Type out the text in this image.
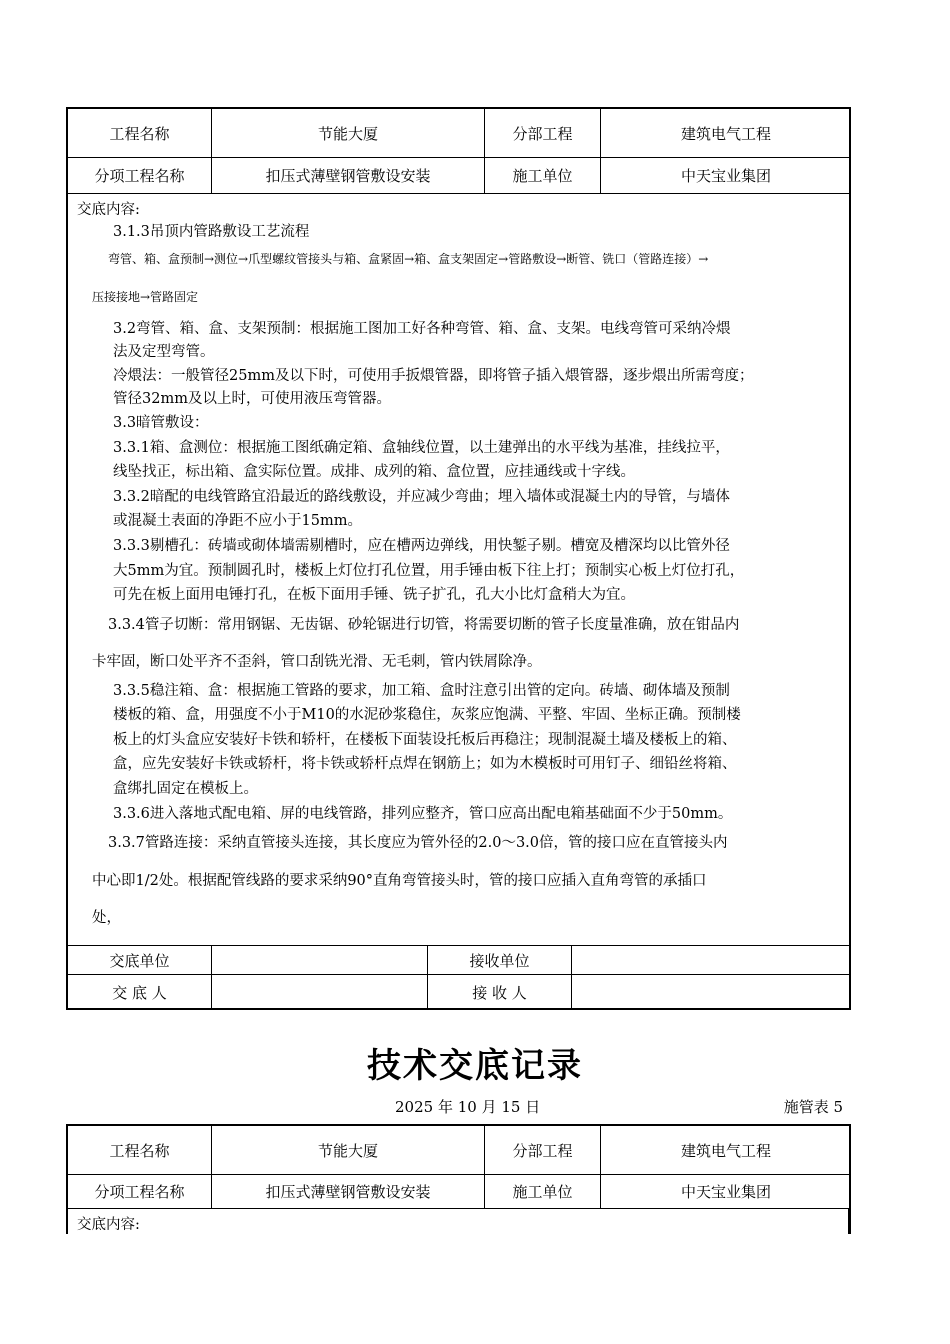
工程名称	节能大厦	分部工程	建筑电气工程
分项工程名称	扣压式薄壁钢管敷设安装	施工单位	中天宝业集团

交底内容:

3.1.3吊顶内管路敷设工艺流程

弯管、箱、盒预制→测位→爪型螺纹管接头与箱、盒紧固→箱、盒支架固定→管路敷设→断管、铣口（管路连接）→

压接接地→管路固定

3.2弯管、箱、盒、支架预制：根据施工图加工好各种弯管、箱、盒、支架。电线弯管可采纳冷煨

法及定型弯管。

冷煨法：一般管径25mm及以下时，可使用手扳煨管器，即将管子插入煨管器，逐步煨出所需弯度；

管径32mm及以上时，可使用液压弯管器。

3.3暗管敷设：

3.3.1箱、盒测位：根据施工图纸确定箱、盒轴线位置，以土建弹出的水平线为基准，挂线拉平，

线坠找正，标出箱、盒实际位置。成排、成列的箱、盒位置，应挂通线或十字线。

3.3.2暗配的电线管路宜沿最近的路线敷设，并应减少弯曲；埋入墙体或混凝土内的导管，与墙体

或混凝土表面的净距不应小于15mm。

3.3.3剔槽孔：砖墙或砌体墙需剔槽时，应在槽两边弹线，用快錾子剔。槽宽及槽深均以比管外径

大5mm为宜。预制圆孔时，楼板上灯位打孔位置，用手锤由板下往上打；预制实心板上灯位打孔，

可先在板上面用电锤打孔，在板下面用手锤、铣子扩孔，孔大小比灯盒稍大为宜。

3.3.4管子切断：常用钢锯、无齿锯、砂轮锯进行切管，将需要切断的管子长度量准确，放在钳品内

卡牢固，断口处平齐不歪斜，管口刮铣光滑、无毛刺，管内铁屑除净。

3.3.5稳注箱、盒：根据施工管路的要求，加工箱、盒时注意引出管的定向。砖墙、砌体墙及预制

楼板的箱、盒，用强度不小于M10的水泥砂浆稳住，灰浆应饱满、平整、牢固、坐标正确。预制楼

板上的灯头盒应安装好卡铁和轿杆，在楼板下面装设托板后再稳注；现制混凝土墙及楼板上的箱、

盒，应先安装好卡铁或轿杆，将卡铁或轿杆点焊在钢筋上；如为木模板时可用钉子、细铅丝将箱、

盒绑扎固定在模板上。

3.3.6进入落地式配电箱、屏的电线管路，排列应整齐，管口应高出配电箱基础面不少于50mm。

3.3.7管路连接：采纳直管接头连接，其长度应为管外径的2.0～3.0倍，管的接口应在直管接头内

中心即1/2处。根据配管线路的要求采纳90°直角弯管接头时，管的接口应插入直角弯管的承插口

处，

交底单位	接收单位
交 底 人	接 收 人
技术交底记录
2025 年 10 月 15 日	施管表 5
工程名称	节能大厦	分部工程	建筑电气工程
分项工程名称	扣压式薄壁钢管敷设安装	施工单位	中天宝业集团

交底内容:
